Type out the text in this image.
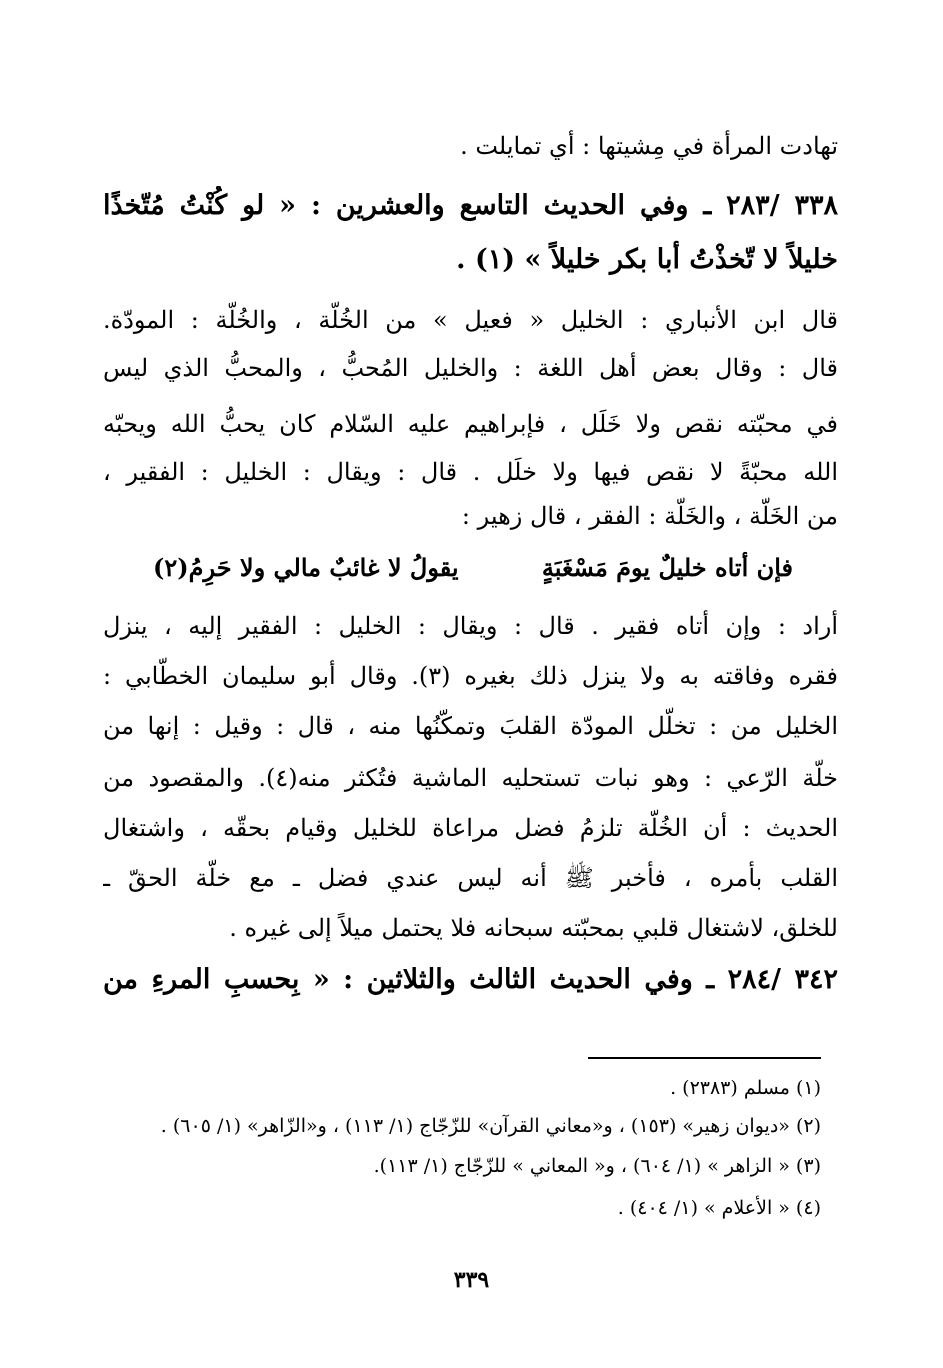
تهادت المرأة في مِشيتها : أي تمايلت .
٣٣٨ /٢٨٣ ـ وفي الحديث التاسع والعشرين : « لو كُنْتُ مُتّخذًا
خليلاً لا تّخذْتُ أبا بكر خليلاً » (١) .
قال ابن الأنباري : الخليل « فعيل » من الخُلّة ، والخُلّة : المودّة.
قال : وقال بعض أهل اللغة : والخليل المُحبُّ ، والمحبُّ الذي ليس
في محبّته نقص ولا خَلَل ، فإبراهيم عليه السّلام كان يحبُّ الله ويحبّه
الله محبّةً لا نقص فيها ولا خلَل . قال : ويقال : الخليل : الفقير ،
من الخَلّة ، والخَلّة : الفقر ، قال زهير :
فإن أتاه خليلٌ يومَ مَسْغَبَةٍ
يقولُ لا غائبٌ مالي ولا حَرِمُ(٢)
أراد : وإن أتاه فقير . قال : ويقال : الخليل : الفقير إليه ، ينزل
فقره وفاقته به ولا ينزل ذلك بغيره (٣). وقال أبو سليمان الخطّابي :
الخليل من : تخلّل المودّة القلبَ وتمكّنُها منه ، قال : وقيل : إنها من
خلّة الرّعي : وهو نبات تستحليه الماشية فتُكثر منه(٤). والمقصود من
الحديث : أن الخُلّة تلزمُ فضل مراعاة للخليل وقيام بحقّه ، واشتغال
القلب بأمره ، فأخبر ﷺ أنه ليس عندي فضل ـ مع خلّة الحقّ ـ
للخلق، لاشتغال قلبي بمحبّته سبحانه فلا يحتمل ميلاً إلى غيره .
٣٤٢ /٢٨٤ ـ وفي الحديث الثالث والثلاثين : « بِحسبِ المرءِ من
(١) مسلم (٢٣٨٣) .
(٢) «ديوان زهير» (١٥٣) ، و«معاني القرآن» للزّجّاج (١/ ١١٣) ، و«الزّاهر» (١/ ٦٠٥) .
(٣) « الزاهر » (١/ ٦٠٤) ، و« المعاني » للزّجّاج (١/ ١١٣).
(٤) « الأعلام » (١/ ٤٠٤) .
٣٣٩
